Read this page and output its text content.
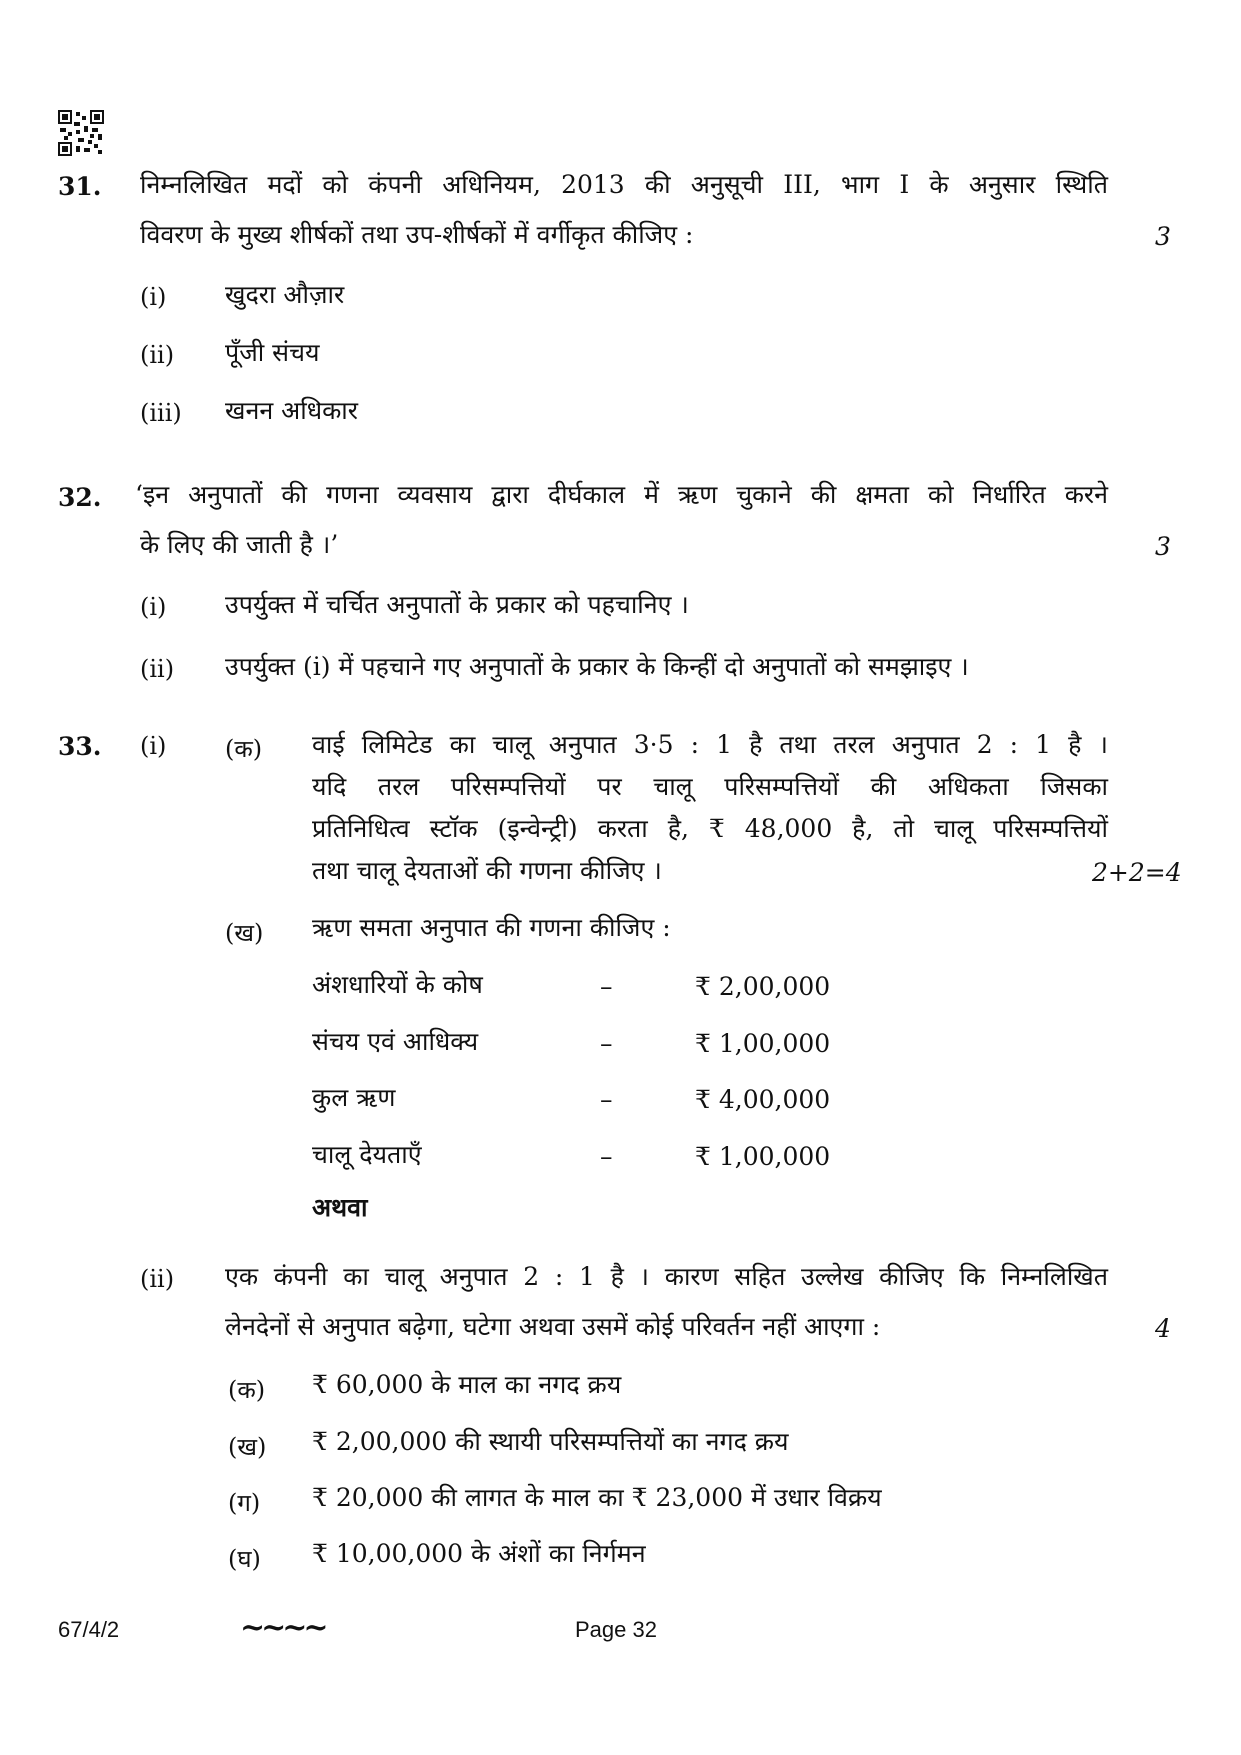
31. निम्नलिखित मदों को कंपनी अधिनियम, 2013 की अनुसूची III, भाग I के अनुसार स्थिति
विवरण के मुख्य शीर्षकों तथा उप-शीर्षकों में वर्गीकृत कीजिए :	3
(i) खुदरा औज़ार
(ii) पूँजी संचय
(iii) खनन अधिकार
32. ‘इन अनुपातों की गणना व्यवसाय द्वारा दीर्घकाल में ऋण चुकाने की क्षमता को निर्धारित करने
के लिए की जाती है ।’	3
(i) उपर्युक्त में चर्चित अनुपातों के प्रकार को पहचानिए ।
(ii) उपर्युक्त (i) में पहचाने गए अनुपातों के प्रकार के किन्हीं दो अनुपातों को समझाइए ।
33. (i) (क) वाई लिमिटेड का चालू अनुपात 3·5 : 1 है तथा तरल अनुपात 2 : 1 है ।
यदि तरल परिसम्पत्तियों पर चालू परिसम्पत्तियों की अधिकता जिसका
प्रतिनिधित्व स्टॉक (इन्वेन्ट्री) करता है, ₹ 48,000 है, तो चालू परिसम्पत्तियों
तथा चालू देयताओं की गणना कीजिए ।	2+2=4
(ख) ऋण समता अनुपात की गणना कीजिए :
अंशधारियों के कोष	–	₹ 2,00,000
संचय एवं आधिक्य	–	₹ 1,00,000
कुल ऋण	–	₹ 4,00,000
चालू देयताएँ	–	₹ 1,00,000
अथवा
(ii) एक कंपनी का चालू अनुपात 2 : 1 है । कारण सहित उल्लेख कीजिए कि निम्नलिखित
लेनदेनों से अनुपात बढ़ेगा, घटेगा अथवा उसमें कोई परिवर्तन नहीं आएगा :	4
(क) ₹ 60,000 के माल का नगद क्रय
(ख) ₹ 2,00,000 की स्थायी परिसम्पत्तियों का नगद क्रय
(ग) ₹ 20,000 की लागत के माल का ₹ 23,000 में उधार विक्रय
(घ) ₹ 10,00,000 के अंशों का निर्गमन
67/4/2	~~~~	Page 32
